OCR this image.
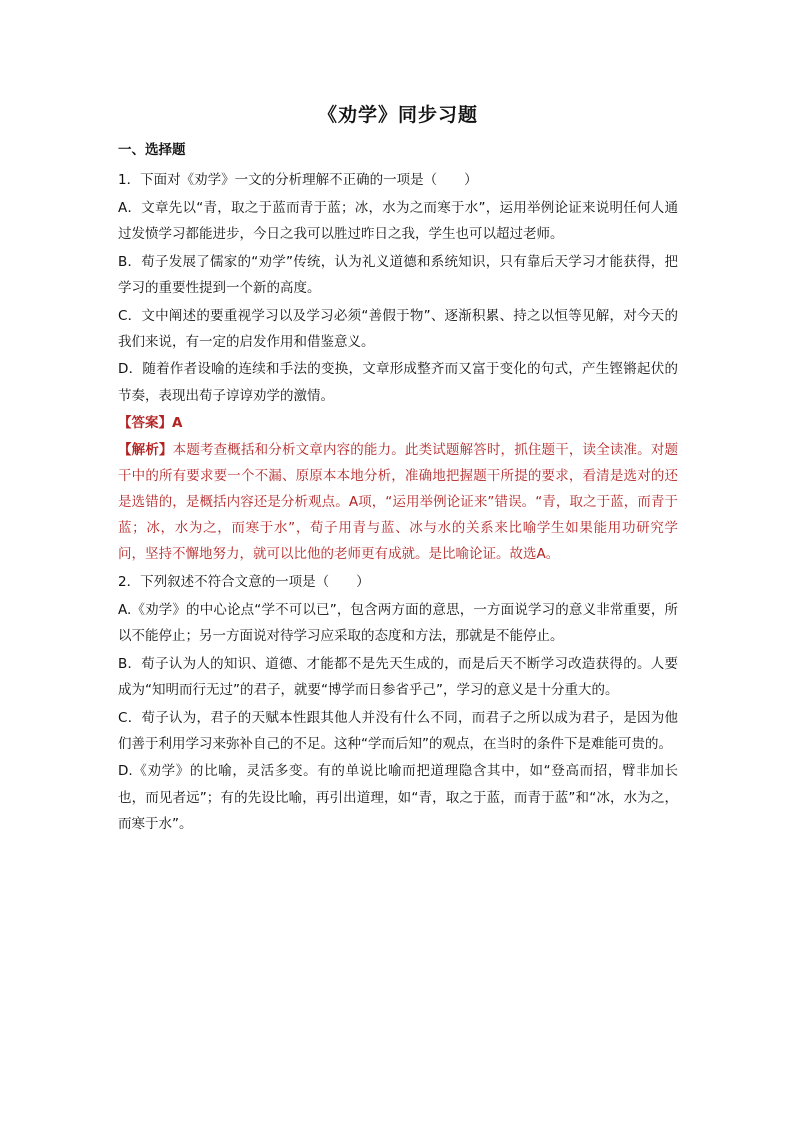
《劝学》同步习题
一、选择题

1．下面对《劝学》一文的分析理解不正确的一项是（　　）

A．文章先以“青，取之于蓝而青于蓝；冰，水为之而寒于水”，运用举例论证来说明任何人通过发愤学习都能进步，今日之我可以胜过昨日之我，学生也可以超过老师。

B．荀子发展了儒家的“劝学”传统，认为礼义道德和系统知识，只有靠后天学习才能获得，把学习的重要性提到一个新的高度。

C．文中阐述的要重视学习以及学习必须“善假于物”、逐渐积累、持之以恒等见解，对今天的我们来说，有一定的启发作用和借鉴意义。

D．随着作者设喻的连续和手法的变换，文章形成整齐而又富于变化的句式，产生铿锵起伏的节奏，表现出荀子谆谆劝学的激情。

【答案】A

【解析】本题考查概括和分析文章内容的能力。此类试题解答时，抓住题干，读全读准。对题干中的所有要求要一个不漏、原原本本地分析，准确地把握题干所提的要求，看清是选对的还是选错的，是概括内容还是分析观点。A项，“运用举例论证来”错误。“青，取之于蓝，而青于蓝；冰，水为之，而寒于水”，荀子用青与蓝、冰与水的关系来比喻学生如果能用功研究学问，坚持不懈地努力，就可以比他的老师更有成就。是比喻论证。故选A。

2．下列叙述不符合文意的一项是（　　）

A.《劝学》的中心论点“学不可以已”，包含两方面的意思，一方面说学习的意义非常重要，所以不能停止；另一方面说对待学习应采取的态度和方法，那就是不能停止。

B．荀子认为人的知识、道德、才能都不是先天生成的，而是后天不断学习改造获得的。人要成为“知明而行无过”的君子，就要“博学而日参省乎己”，学习的意义是十分重大的。

C．荀子认为，君子的天赋本性跟其他人并没有什么不同，而君子之所以成为君子，是因为他们善于利用学习来弥补自己的不足。这种“学而后知”的观点，在当时的条件下是难能可贵的。

D.《劝学》的比喻，灵活多变。有的单说比喻而把道理隐含其中，如“登高而招，臂非加长也，而见者远”；有的先设比喻，再引出道理，如“青，取之于蓝，而青于蓝”和“冰，水为之，而寒于水”。
